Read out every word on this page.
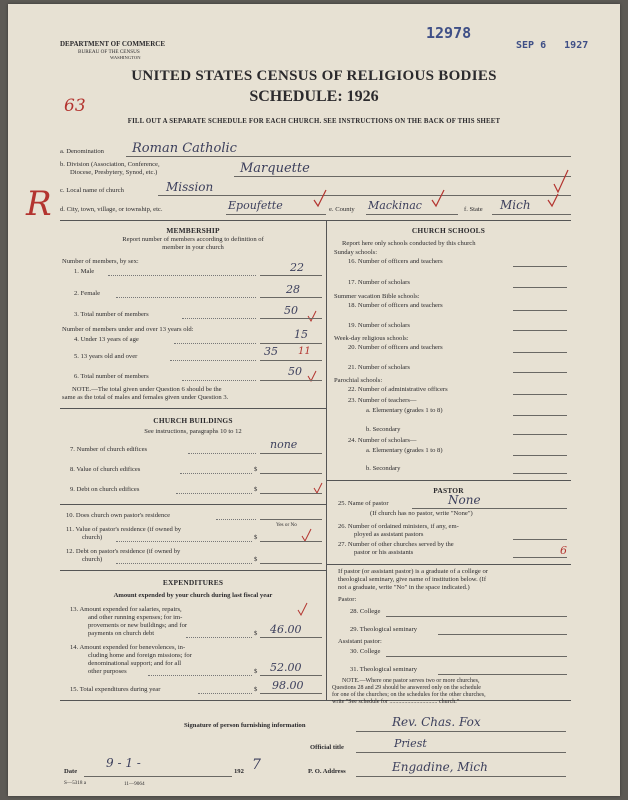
DEPARTMENT OF COMMERCE
BUREAU OF THE CENSUS
WASHINGTON
12978
SEP 6   1927
UNITED STATES CENSUS OF RELIGIOUS BODIES
SCHEDULE: 1926
FILL OUT A SEPARATE SCHEDULE FOR EACH CHURCH. SEE INSTRUCTIONS ON THE BACK OF THIS SHEET
63
R
a. Denomination Roman Catholic
b. Division (Association, Conference,
Diocese, Presbytery, Synod, etc.)	Marquette
c. Local name of church	Mission
d. City, town, village, or township, etc.	Epoufette	e. County Mackinac	f. State Mich
MEMBERSHIP
Report number of members according to definition of
member in your church
Number of members, by sex:
1. Male	22
2. Female	28
3. Total number of members	50
Number of members under and over 13 years old:
4. Under 13 years of age	15
5. 13 years old and over	35 11
6. Total number of members	50
NOTE.—The total given under Question 6 should be the
same as the total of males and females given under Question 3.
CHURCH BUILDINGS
See instructions, paragraphs 10 to 12
7. Number of church edifices	none
8. Value of church edifices	$
9. Debt on church edifices	$
10. Does church own pastor's residence
Yes or No
11. Value of pastor's residence (if owned by
church)	$
12. Debt on pastor's residence (if owned by
church)	$
EXPENDITURES
Amount expended by your church during last fiscal year
13. Amount expended for salaries, repairs,
and other running expenses; for im-
provements or new buildings; and for
payments on church debt	$ 46.00
14. Amount expended for benevolences, in-
cluding home and foreign missions; for
denominational support; and for all
other purposes	$ 52.00
15. Total expenditures during year	$ 98.00
CHURCH SCHOOLS
Report here only schools conducted by this church
Sunday schools:
16. Number of officers and teachers
17. Number of scholars
Summer vacation Bible schools:
18. Number of officers and teachers
19. Number of scholars
Week-day religious schools:
20. Number of officers and teachers
21. Number of scholars
Parochial schools:
22. Number of administrative officers
23. Number of teachers—
a. Elementary (grades 1 to 8)
b. Secondary
24. Number of scholars—
a. Elementary (grades 1 to 8)
b. Secondary
PASTOR
25. Name of pastor	None
(If church has no pastor, write "None")
26. Number of ordained ministers, if any, em-
ployed as assistant pastors
27. Number of other churches served by the
pastor or his assistants	6
If pastor (or assistant pastor) is a graduate of a college or
theological seminary, give name of institution below. (If
not a graduate, write "No" in the space indicated.)
Pastor:
28. College
29. Theological seminary
Assistant pastor:
30. College
31. Theological seminary
NOTE.—Where one pastor serves two or more churches,
Questions 28 and 29 should be answered only on the schedule
for one of the churches; on the schedules for the other churches,
write "See schedule for ................................ church."
Signature of person furnishing information	Rev. Chas. Fox
Official title	Priest
Date
9 - 1 -
192 7	P. O. Address	Engadine, Mich
S—5318 a	11—9064
